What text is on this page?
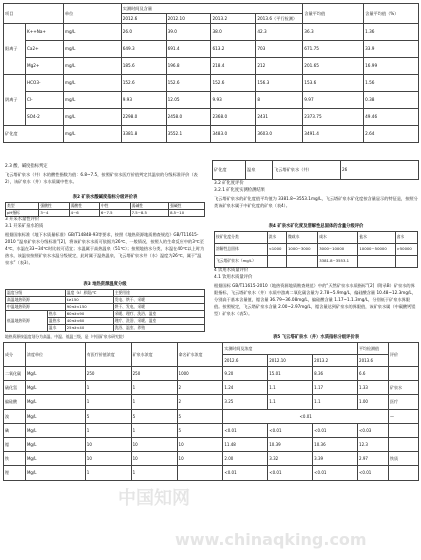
项目		单位	实测时间及含量				含量平均值	含量平均值（%）
			2012.6	2012.10	2013.2	2013.6（平行检测）		
阳离子	K++Na+	mg/L	26.0	39.0	38.0	42.3	36.3	1.36
	Ca2+	mg/L	649.3	691.4	613.2	703	671.75	33.9
	Mg2+	mg/L	185.6	196.8	218.4	212	201.65	16.99
阴离子	HCO3-	mg/L	152.6	152.6	152.6	156.3	153.6	1.56
	Cl-	mg/L	9.93	12.05	9.93	8	9.97	0.38
	SO4-2	mg/L	2298.0	2458.0	2368.0	2431	2373.75	49.46
矿化度		mg/L	3381.8	3552.1	3483.0	3603.0	3491.4	2.64
2.3 酸、碱度指标判定
飞云塔矿泉水（井）水的酸性指数为值：6.8~7.5，按照矿泉水医疗价值判定其温泉的分级标准评价（表2），该矿泉水（井）水水质属中性水。
表2 矿泉水酸碱度指标分级评价表
类型	强酸性	弱酸性	中性	弱碱性	强碱性
pH指标	3~4	4~6	6~7.5	7.5~8.5	8.5~10
3 开采水量性评价
3.1 开采矿泉水的质
根据国家标准《地下水质量标准》GB/T14848-93等要求，按照《地热资源地质勘查规范》GB/T11615-2010 “温泉矿泉水分级标准”[2]，将该矿泉水水质可依据为26℃、一般情况，按照人的生命反应中的3℃至4℃，水温在33~34℃时比较可适宜；水温属于高热温泉（51℃）；按照地热水分类，水温在40℃以上时为热水，该温泉按照矿泉水水温分级规定，此时属于温热温泉，飞云塔矿泉水井（水）温度为26℃，属于“温泉水”（表3）。
表3 地热资源温度分级
温度分级		温度（t）界限/℃	主要用途
高温地热资源		t≥150	发电、烘干、采暖
中温地热资源		90≤t<150	烘干、发电、采暖
低温地热资源	热水	60≤t<90	采暖、理疗、洗浴、温室
	温热水	40≤t<60	理疗、洗浴、采暖、温室
	温水	25≤t<40	洗浴、温室、养殖
地热资源按温度划分为高温、中温、低温三级，是（中国矿泉水研究院）
矿化度	温泉	飞云塔矿泉水（井）	26
3.2 矿化度评价
3.2.1 矿化度实测检测结果
飞云塔矿泉水的矿化度值平均值为 3381.8~3553.1mg/L，飞云塔矿泉水矿化度按含量显示的特征是，按照分类该矿泉水属于中矿化度的矿泉（表4）。
表4 矿泉水矿化度及溶解性总固体的含量分级评价
按矿化度分类	淡水	微咸水	咸水	盐水	卤水
溶解性总固体	<1000	1000~3000	3000~10000	10000~50000	>50000
飞云塔矿泉水（mg/L）			3381.8~3553.1		
4 饮用水质量评价
4.1 饮用水质量评价
根据国标 GB/T11615-2010（地热资源地质勘查规范）中的“天然矿泉水水质指标”[2]（附录B）矿泉水的界限指标，飞云塔矿泉水（井）水质中游离二氧化碳含量为 2.78~5.9mg/L，偏硅酸含量 10.48~12.3mg/L，分别高于基本含量值，锶含量 36.79~36.08mg/L，偏硅酸含量 1.17~1.1.3mg/L，分别低于矿泉水界限值。按照规定，飞云塔矿泉水含量 2.00~2.97mg/L，锶含量达到矿泉水的界限值，该矿泉水属（中碳酸钙镁型）矿泉水（表5）。
表5 飞云塔矿泉水（井）水质指标分级评价表
成分	浓度单位	有医疗价值浓度	矿泉水浓度	命名矿水浓度	实测时间及浓度			平均检测值	评价
					2012.6	2012.10	2013.2	2013.6	
二氧化碳	Mg/L	250	250	1000	9.20	15.01	8.36	6.6	
硫化氢	Mg/L	1	1	2	1.24	1.1	1.17	1.33	矿泉水
偏硅酸	Mg/L	1	1	2	3.25	1.1	1.1	1.00	医疗
溴	Mg/L	5	5	5	<0.01				—
碘	Mg/L	1	1	5	<0.01	<0.01	<0.01	<0.03	
锶	Mg/L	10	10	10	11.48	10.39	10.36	12.3	
铁	Mg/L	10	10	10	2.00	3.32	3.39	2.97	铁质
锂	Mg/L	1	1		<0.01	<0.01	<0.01	<0.01	
中国知网
www.chinaqking.com
